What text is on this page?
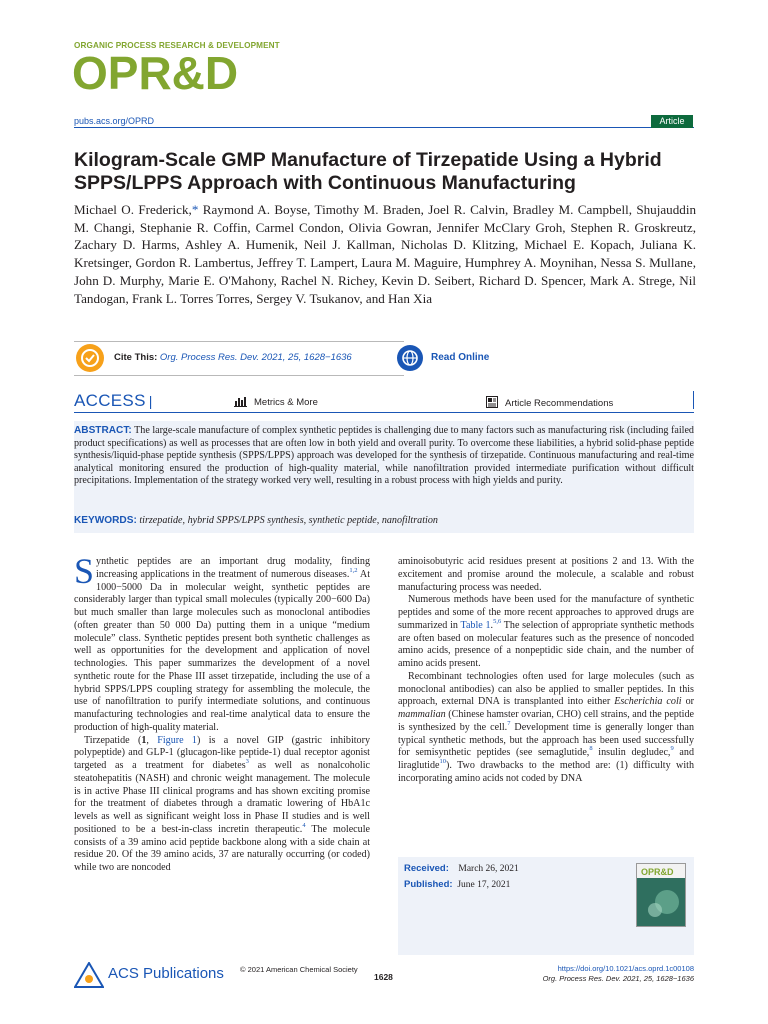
ORGANIC PROCESS RESEARCH & DEVELOPMENT
OPR&D
pubs.acs.org/OPRD	Article
Kilogram-Scale GMP Manufacture of Tirzepatide Using a Hybrid SPPS/LPPS Approach with Continuous Manufacturing
Michael O. Frederick,* Raymond A. Boyse, Timothy M. Braden, Joel R. Calvin, Bradley M. Campbell, Shujauddin M. Changi, Stephanie R. Coffin, Carmel Condon, Olivia Gowran, Jennifer McClary Groh, Stephen R. Groskreutz, Zachary D. Harms, Ashley A. Humenik, Neil J. Kallman, Nicholas D. Klitzing, Michael E. Kopach, Juliana K. Kretsinger, Gordon R. Lambertus, Jeffrey T. Lampert, Laura M. Maguire, Humphrey A. Moynihan, Nessa S. Mullane, John D. Murphy, Marie E. O'Mahony, Rachel N. Richey, Kevin D. Seibert, Richard D. Spencer, Mark A. Strege, Nil Tandogan, Frank L. Torres Torres, Sergey V. Tsukanov, and Han Xia
Cite This: Org. Process Res. Dev. 2021, 25, 1628−1636	Read Online
ACCESS |	Metrics & More	Article Recommendations
ABSTRACT: The large-scale manufacture of complex synthetic peptides is challenging due to many factors such as manufacturing risk (including failed product specifications) as well as processes that are often low in both yield and overall purity. To overcome these liabilities, a hybrid solid-phase peptide synthesis/liquid-phase peptide synthesis (SPPS/LPPS) approach was developed for the synthesis of tirzepatide. Continuous manufacturing and real-time analytical monitoring ensured the production of high-quality material, while nanofiltration provided intermediate purification without difficult precipitations. Implementation of the strategy worked very well, resulting in a robust process with high yields and purity.
KEYWORDS: tirzepatide, hybrid SPPS/LPPS synthesis, synthetic peptide, nanofiltration

Synthetic peptides are an important drug modality, finding increasing applications in the treatment of numerous diseases.$^{1,2}$ At 1000−5000 Da in molecular weight, synthetic peptides are considerably larger than typical small molecules (typically 200−600 Da) but much smaller than large molecules such as monoclonal antibodies (often greater than 50 000 Da) putting them in a unique “medium molecule” class. Synthetic peptides present both synthetic challenges as well as opportunities for the development and application of novel technologies. This paper summarizes the development of a novel synthetic route for the Phase III asset tirzepatide, including the use of a hybrid SPPS/LPPS coupling strategy for assembling the molecule, the use of nanofiltration to purify intermediate solutions, and continuous manufacturing technologies and real-time analytical data to ensure the production of high-quality material.

Tirzepatide (1, Figure 1) is a novel GIP (gastric inhibitory polypeptide) and GLP-1 (glucagon-like peptide-1) dual receptor agonist targeted as a treatment for diabetes$^3$ as well as nonalcoholic steatohepatitis (NASH) and chronic weight management. The molecule is in active Phase III clinical programs and has shown exciting promise for the treatment of diabetes through a dramatic lowering of HbA1c levels as well as significant weight loss in Phase II studies and is well positioned to be a best-in-class incretin therapeutic.$^4$ The molecule consists of a 39 amino acid peptide backbone along with a side chain at residue 20. Of the 39 amino acids, 37 are naturally occurring (or coded) while two are noncoded

aminoisobutyric acid residues present at positions 2 and 13. With the excitement and promise around the molecule, a scalable and robust manufacturing process was needed.

Numerous methods have been used for the manufacture of synthetic peptides and some of the more recent approaches to approved drugs are summarized in Table 1.$^{5,6}$ The selection of appropriate synthetic methods are often based on molecular features such as the presence of noncoded amino acids, presence of a nonpeptidic side chain, and the number of amino acids present.

Recombinant technologies often used for large molecules (such as monoclonal antibodies) can also be applied to smaller peptides. In this approach, external DNA is transplanted into either Escherichia coli or mammalian (Chinese hamster ovarian, CHO) cell strains, and the peptide is synthesized by the cell.$^7$ Development time is generally longer than typical synthetic methods, but the approach has been used successfully for semisynthetic peptides (see semaglutide,$^8$ insulin degludec,$^9$ and liraglutide$^{10}$). Two drawbacks to the method are: (1) difficulty with incorporating amino acids not coded by DNA

Received: March 26, 2021
Published: June 17, 2021
OPR&D
ACS Publications © 2021 American Chemical Society
1628
https://doi.org/10.1021/acs.oprd.1c00108
Org. Process Res. Dev. 2021, 25, 1628−1636
